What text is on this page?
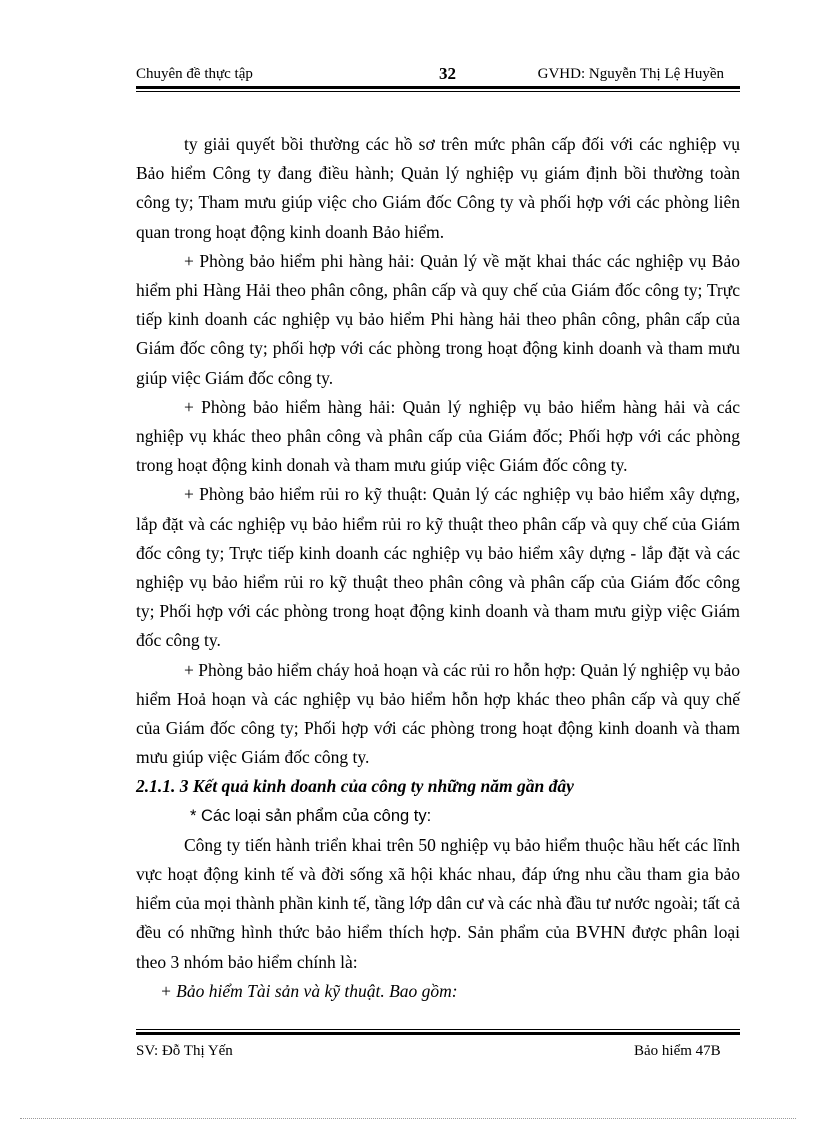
Chuyên đề thực tập	32	GVHD: Nguyễn Thị Lệ Huyền

ty giải quyết bồi thường các hồ sơ trên mức phân cấp đối với các nghiệp vụ Bảo hiểm Công ty đang điều hành; Quản lý nghiệp vụ giám định bồi thường toàn công ty; Tham mưu giúp việc cho Giám đốc Công ty và phối hợp với các phòng liên quan trong hoạt động kinh doanh Bảo hiểm.

+ Phòng bảo hiểm phi hàng hải: Quản lý về mặt khai thác các nghiệp vụ Bảo hiểm phi Hàng Hải theo phân công, phân cấp và quy chế của Giám đốc công ty; Trực tiếp kinh doanh các nghiệp vụ bảo hiểm Phi hàng hải theo phân công, phân cấp của Giám đốc công ty; phối hợp với các phòng trong hoạt động kinh doanh và tham mưu giúp việc Giám đốc công ty.

+ Phòng bảo hiểm hàng hải: Quản lý nghiệp vụ bảo hiểm hàng hải và các nghiệp vụ khác theo phân công và phân cấp của Giám đốc; Phối hợp với các phòng trong hoạt động kinh donah và tham mưu giúp việc Giám đốc công ty.

+ Phòng bảo hiểm rủi ro kỹ thuật: Quản lý các nghiệp vụ bảo hiểm xây dựng, lắp đặt và các nghiệp vụ bảo hiểm rủi ro kỹ thuật theo phân cấp và quy chế của Giám đốc công ty; Trực tiếp kinh doanh các nghiệp vụ bảo hiểm xây dựng - lắp đặt và các nghiệp vụ bảo hiểm rủi ro kỹ thuật theo phân công và phân cấp của Giám đốc công ty; Phối hợp với các phòng trong hoạt động kinh doanh và tham mưu giỳp việc Giám đốc công ty.

+ Phòng bảo hiểm cháy hoả hoạn và các rủi ro hỗn hợp: Quản lý nghiệp vụ bảo hiểm Hoả hoạn và các nghiệp vụ bảo hiểm hỗn hợp khác theo phân cấp và quy chế của Giám đốc công ty; Phối hợp với các phòng trong hoạt động kinh doanh và tham mưu giúp việc Giám đốc công ty.

2.1.1. 3 Kết quả kinh doanh của công ty những năm gần đây

* Các loại sản phẩm của công ty:

Công ty tiến hành triển khai trên 50 nghiệp vụ bảo hiểm thuộc hầu hết các lĩnh vực hoạt động kinh tế và đời sống xã hội khác nhau, đáp ứng nhu cầu tham gia bảo hiểm của mọi thành phần kinh tế, tầng lớp dân cư và các nhà đầu tư nước ngoài; tất cả đều có những hình thức bảo hiểm thích hợp. Sản phẩm của BVHN được phân loại theo 3 nhóm bảo hiểm chính là:

+ Bảo hiểm Tài sản và kỹ thuật. Bao gồm:

SV: Đỗ Thị Yến	Bảo hiểm 47B
